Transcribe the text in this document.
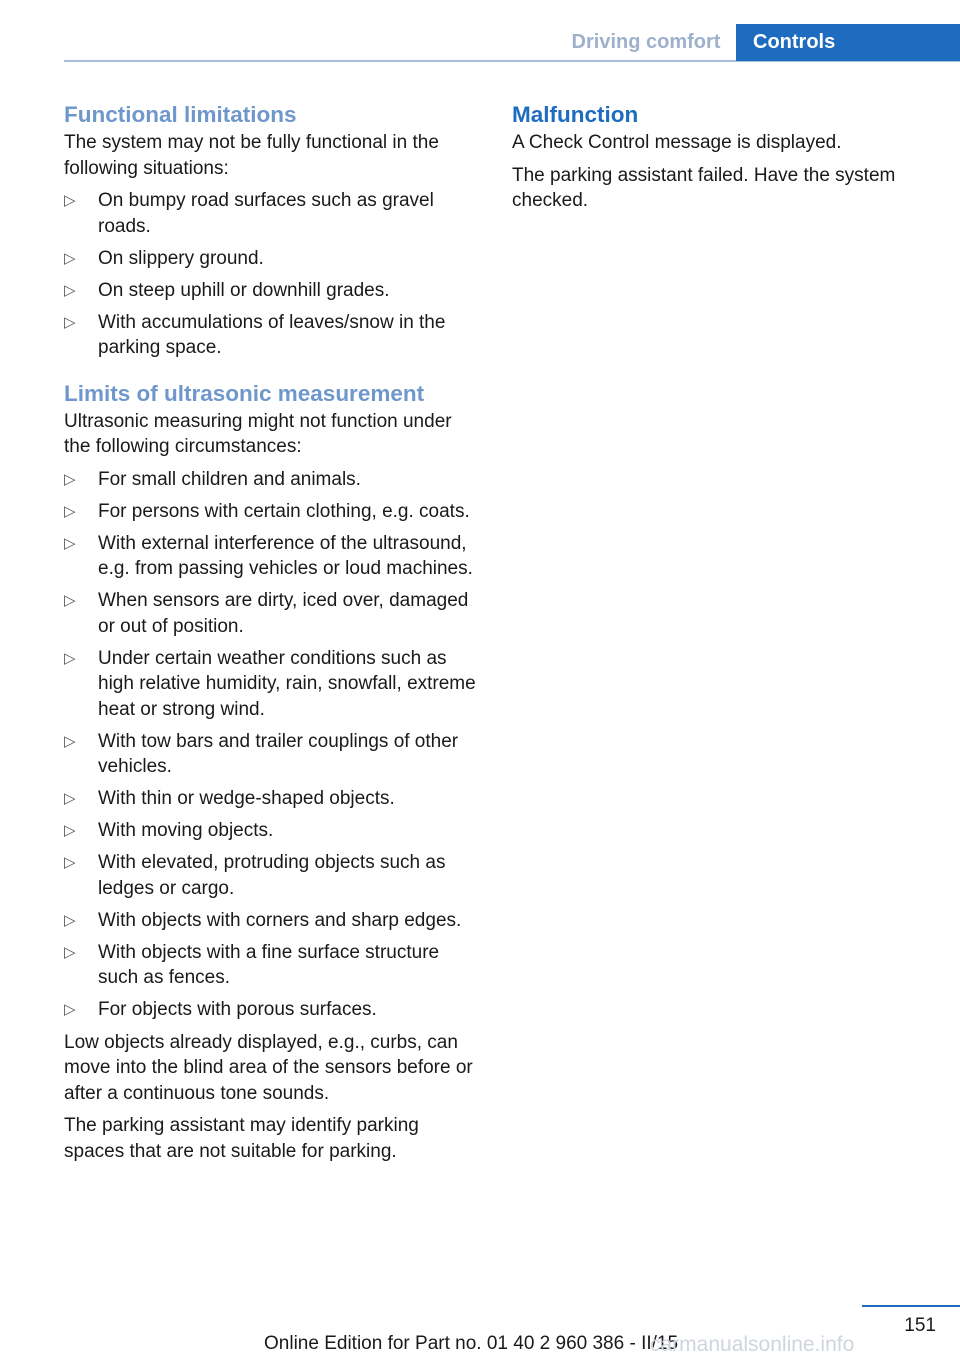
Driving comfort	Controls
Functional limitations

The system may not be fully functional in the following situations:

▷ On bumpy road surfaces such as gravel roads.
▷ On slippery ground.
▷ On steep uphill or downhill grades.
▷ With accumulations of leaves/snow in the parking space.
Limits of ultrasonic measurement

Ultrasonic measuring might not function under the following circumstances:

▷ For small children and animals.
▷ For persons with certain clothing, e.g. coats.
▷ With external interference of the ultrasound, e.g. from passing vehicles or loud machines.
▷ When sensors are dirty, iced over, damaged or out of position.
▷ Under certain weather conditions such as high relative humidity, rain, snowfall, extreme heat or strong wind.
▷ With tow bars and trailer couplings of other vehicles.
▷ With thin or wedge-shaped objects.
▷ With moving objects.
▷ With elevated, protruding objects such as ledges or cargo.
▷ With objects with corners and sharp edges.
▷ With objects with a fine surface structure such as fences.
▷ For objects with porous surfaces.

Low objects already displayed, e.g., curbs, can move into the blind area of the sensors before or after a continuous tone sounds.

The parking assistant may identify parking spaces that are not suitable for parking.

Malfunction

A Check Control message is displayed.

The parking assistant failed. Have the system checked.

151
Online Edition for Part no. 01 40 2 960 386 - II/15
carmanualsonline.info
